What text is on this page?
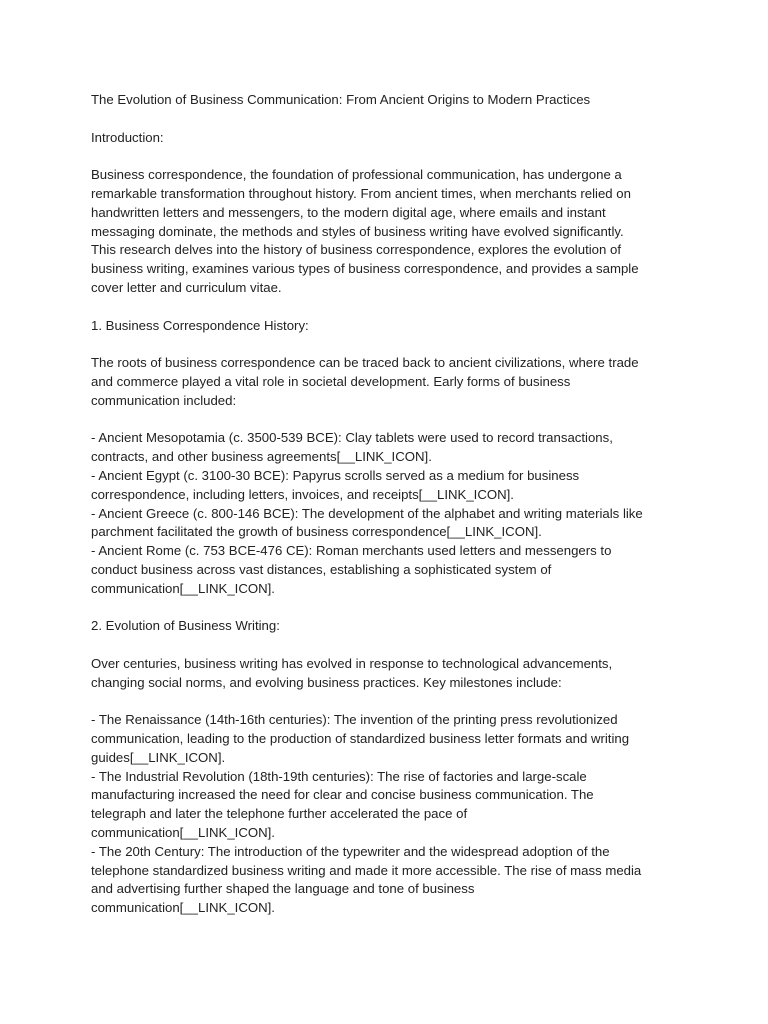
The Evolution of Business Communication: From Ancient Origins to Modern Practices

Introduction:

Business correspondence, the foundation of professional communication, has undergone a
remarkable transformation throughout history. From ancient times, when merchants relied on
handwritten letters and messengers, to the modern digital age, where emails and instant
messaging dominate, the methods and styles of business writing have evolved significantly.
This research delves into the history of business correspondence, explores the evolution of
business writing, examines various types of business correspondence, and provides a sample
cover letter and curriculum vitae.

1. Business Correspondence History:

The roots of business correspondence can be traced back to ancient civilizations, where trade
and commerce played a vital role in societal development. Early forms of business
communication included:

- Ancient Mesopotamia (c. 3500-539 BCE): Clay tablets were used to record transactions,
contracts, and other business agreements[__LINK_ICON].

- Ancient Egypt (c. 3100-30 BCE): Papyrus scrolls served as a medium for business
correspondence, including letters, invoices, and receipts[__LINK_ICON].

- Ancient Greece (c. 800-146 BCE): The development of the alphabet and writing materials like
parchment facilitated the growth of business correspondence[__LINK_ICON].

- Ancient Rome (c. 753 BCE-476 CE): Roman merchants used letters and messengers to
conduct business across vast distances, establishing a sophisticated system of
communication[__LINK_ICON].

2. Evolution of Business Writing:

Over centuries, business writing has evolved in response to technological advancements,
changing social norms, and evolving business practices. Key milestones include:

- The Renaissance (14th-16th centuries): The invention of the printing press revolutionized
communication, leading to the production of standardized business letter formats and writing
guides[__LINK_ICON].

- The Industrial Revolution (18th-19th centuries): The rise of factories and large-scale
manufacturing increased the need for clear and concise business communication. The
telegraph and later the telephone further accelerated the pace of
communication[__LINK_ICON].

- The 20th Century: The introduction of the typewriter and the widespread adoption of the
telephone standardized business writing and made it more accessible. The rise of mass media
and advertising further shaped the language and tone of business
communication[__LINK_ICON].
